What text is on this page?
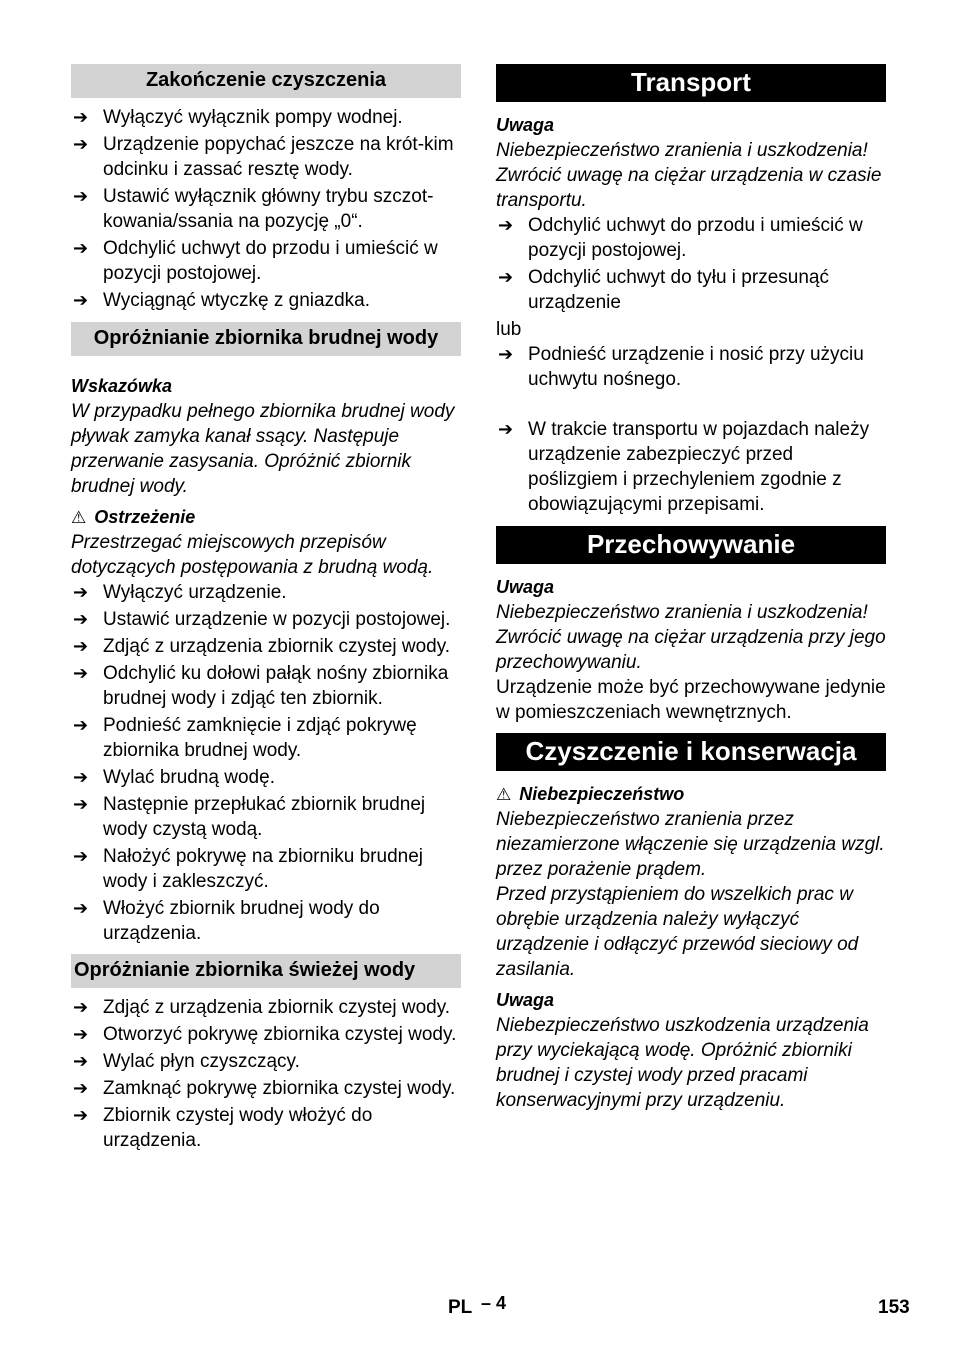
Zakończenie czyszczenia
➔ Wyłączyć wyłącznik pompy wodnej.
➔ Urządzenie popychać jeszcze na krót-kim odcinku i zassać resztę wody.
➔ Ustawić wyłącznik główny trybu szczot-kowania/ssania na pozycję „0“.
➔ Odchylić uchwyt do przodu i umieścić w pozycji postojowej.
➔ Wyciągnąć wtyczkę z gniazdka.
Opróżnianie zbiornika brudnej wody

Wskazówka

W przypadku pełnego zbiornika brudnej wody pływak zamyka kanał ssący. Następuje przerwanie zasysania. Opróżnić zbiornik brudnej wody.

⚠ Ostrzeżenie

Przestrzegać miejscowych przepisów dotyczących postępowania z brudną wodą.

➔ Wyłączyć urządzenie.
➔ Ustawić urządzenie w pozycji postojowej.
➔ Zdjąć z urządzenia zbiornik czystej wody.
➔ Odchylić ku dołowi pałąk nośny zbiornika brudnej wody i zdjąć ten zbiornik.
➔ Podnieść zamknięcie i zdjąć pokrywę zbiornika brudnej wody.
➔ Wylać brudną wodę.
➔ Następnie przepłukać zbiornik brudnej wody czystą wodą.
➔ Nałożyć pokrywę na zbiorniku brudnej wody i zakleszczyć.
➔ Włożyć zbiornik brudnej wody do urządzenia.
Opróżnianie zbiornika świeżej wody
➔ Zdjąć z urządzenia zbiornik czystej wody.
➔ Otworzyć pokrywę zbiornika czystej wody.
➔ Wylać płyn czyszczący.
➔ Zamknąć pokrywę zbiornika czystej wody.
➔ Zbiornik czystej wody włożyć do urządzenia.
Transport

Uwaga

Niebezpieczeństwo zranienia i uszkodzenia! Zwrócić uwagę na ciężar urządzenia w czasie transportu.

➔ Odchylić uchwyt do przodu i umieścić w pozycji postojowej.
➔ Odchylić uchwyt do tyłu i przesunąć urządzenie

lub

➔ Podnieść urządzenie i nosić przy użyciu uchwytu nośnego.
➔ W trakcie transportu w pojazdach należy urządzenie zabezpieczyć przed poślizgiem i przechyleniem zgodnie z obowiązującymi przepisami.
Przechowywanie

Uwaga

Niebezpieczeństwo zranienia i uszkodzenia! Zwrócić uwagę na ciężar urządzenia przy jego przechowywaniu.

Urządzenie może być przechowywane jedynie w pomieszczeniach wewnętrznych.

Czyszczenie i konserwacja

⚠ Niebezpieczeństwo

Niebezpieczeństwo zranienia przez niezamierzone włączenie się urządzenia wzgl. przez porażenie prądem.

Przed przystąpieniem do wszelkich prac w obrębie urządzenia należy wyłączyć urządzenie i odłączyć przewód sieciowy od zasilania.

Uwaga

Niebezpieczeństwo uszkodzenia urządzenia przy wyciekającą wodę. Opróżnić zbiorniki brudnej i czystej wody przed pracami konserwacyjnymi przy urządzeniu.

PL – 4	153
